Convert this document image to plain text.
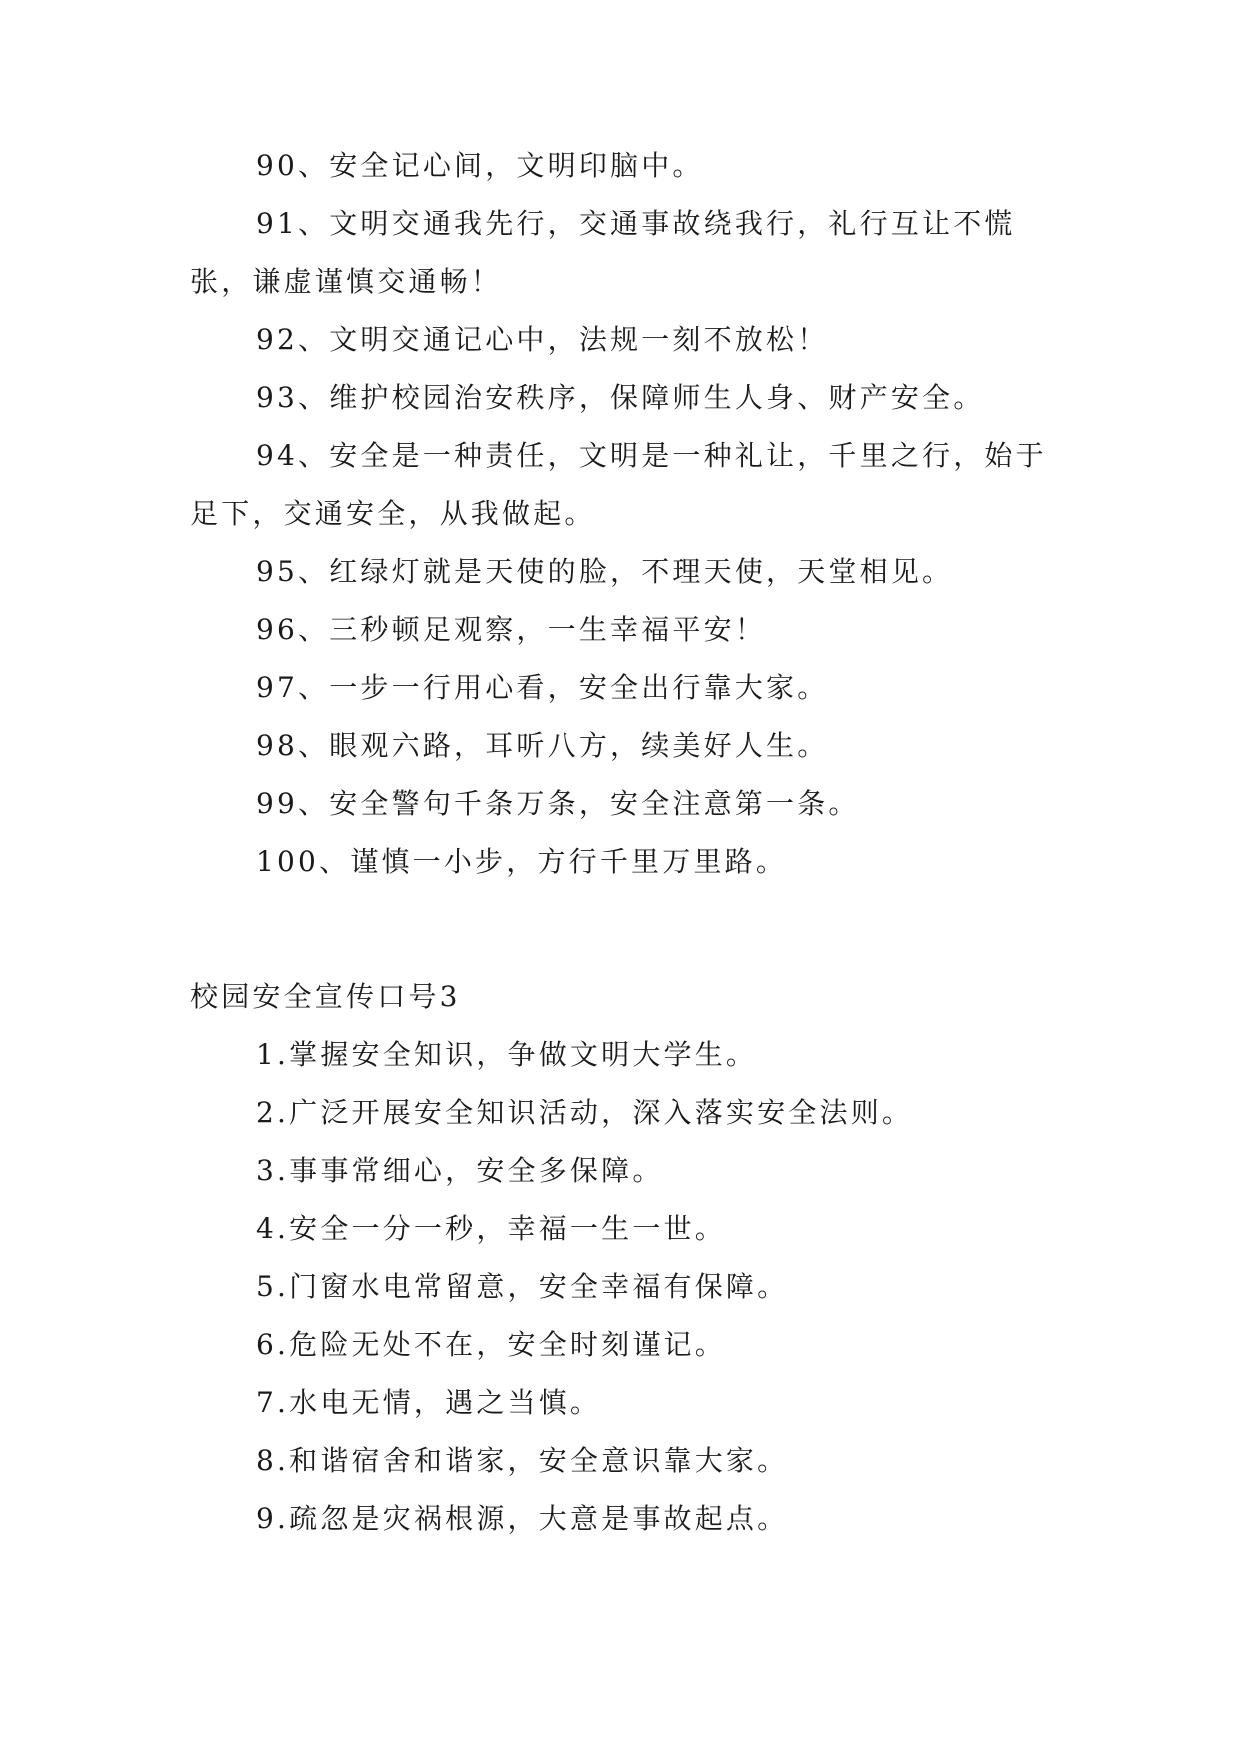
90、安全记心间，文明印脑中。

91、文明交通我先行，交通事故绕我行，礼行互让不慌张，谦虚谨慎交通畅！

92、文明交通记心中，法规一刻不放松！

93、维护校园治安秩序，保障师生人身、财产安全。

94、安全是一种责任，文明是一种礼让，千里之行，始于足下，交通安全，从我做起。

95、红绿灯就是天使的脸，不理天使，天堂相见。

96、三秒顿足观察，一生幸福平安！

97、一步一行用心看，安全出行靠大家。

98、眼观六路，耳听八方，续美好人生。

99、安全警句千条万条，安全注意第一条。

100、谨慎一小步，方行千里万里路。

校园安全宣传口号3

1.掌握安全知识，争做文明大学生。

2.广泛开展安全知识活动，深入落实安全法则。

3.事事常细心，安全多保障。

4.安全一分一秒，幸福一生一世。

5.门窗水电常留意，安全幸福有保障。

6.危险无处不在，安全时刻谨记。

7.水电无情，遇之当慎。

8.和谐宿舍和谐家，安全意识靠大家。

9.疏忽是灾祸根源，大意是事故起点。
